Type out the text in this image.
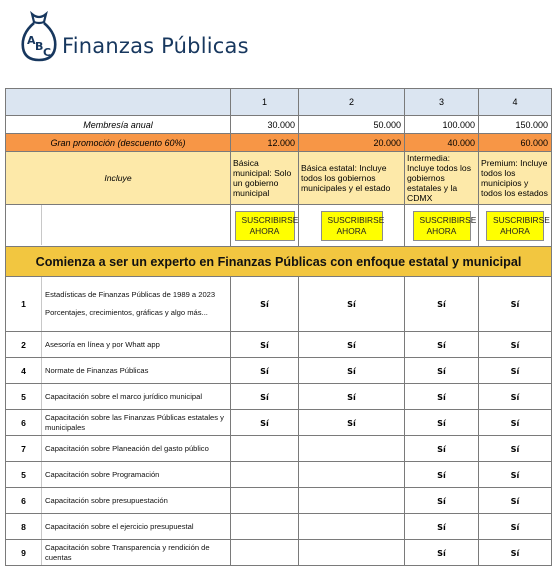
A B C Finanzas Públicas
	1	2	3	4
Membresía anual	30.000	50.000	100.000	150.000
Gran promoción (descuento 60%)	12.000	20.000	40.000	60.000
Incluye	Básica municipal: Solo un gobierno municipal	Básica estatal: Incluye todos los gobiernos municipales y el estado	Intermedia: Incluye todos los gobiernos estatales y la CDMX	Premium: Incluye todos los municipios y todos los estados

	SUSCRIBIRSE AHORA	SUSCRIBIRSE AHORA	SUSCRIBIRSE AHORA	SUSCRIBIRSE AHORA
Comienza a ser un experto en Finanzas Públicas con enfoque estatal y municipal				

1
Estadísticas de Finanzas Públicas de 1989 a 2023
Porcentajes, crecimientos, gráficas y algo más...	Sí	Sí	Sí	Sí

2 Asesoría en línea y por Whatt app	Sí	Sí	Sí	Sí

4 Normate de Finanzas Públicas	Sí	Sí	Sí	Sí

5 Capacitación sobre el marco jurídico municipal	Sí	Sí	Sí	Sí

6
Capacitación sobre las Finanzas Públicas estatales y municipales	Sí	Sí	Sí	Sí

7 Capacitación sobre Planeación del gasto público			Sí	Sí

5 Capacitación sobre Programación			Sí	Sí

6 Capacitación sobre presupuestación			Sí	Sí

8 Capacitación sobre el ejercicio presupuestal			Sí	Sí

9
Capacitación sobre Transparencia y rendición de cuentas			Sí	Sí
